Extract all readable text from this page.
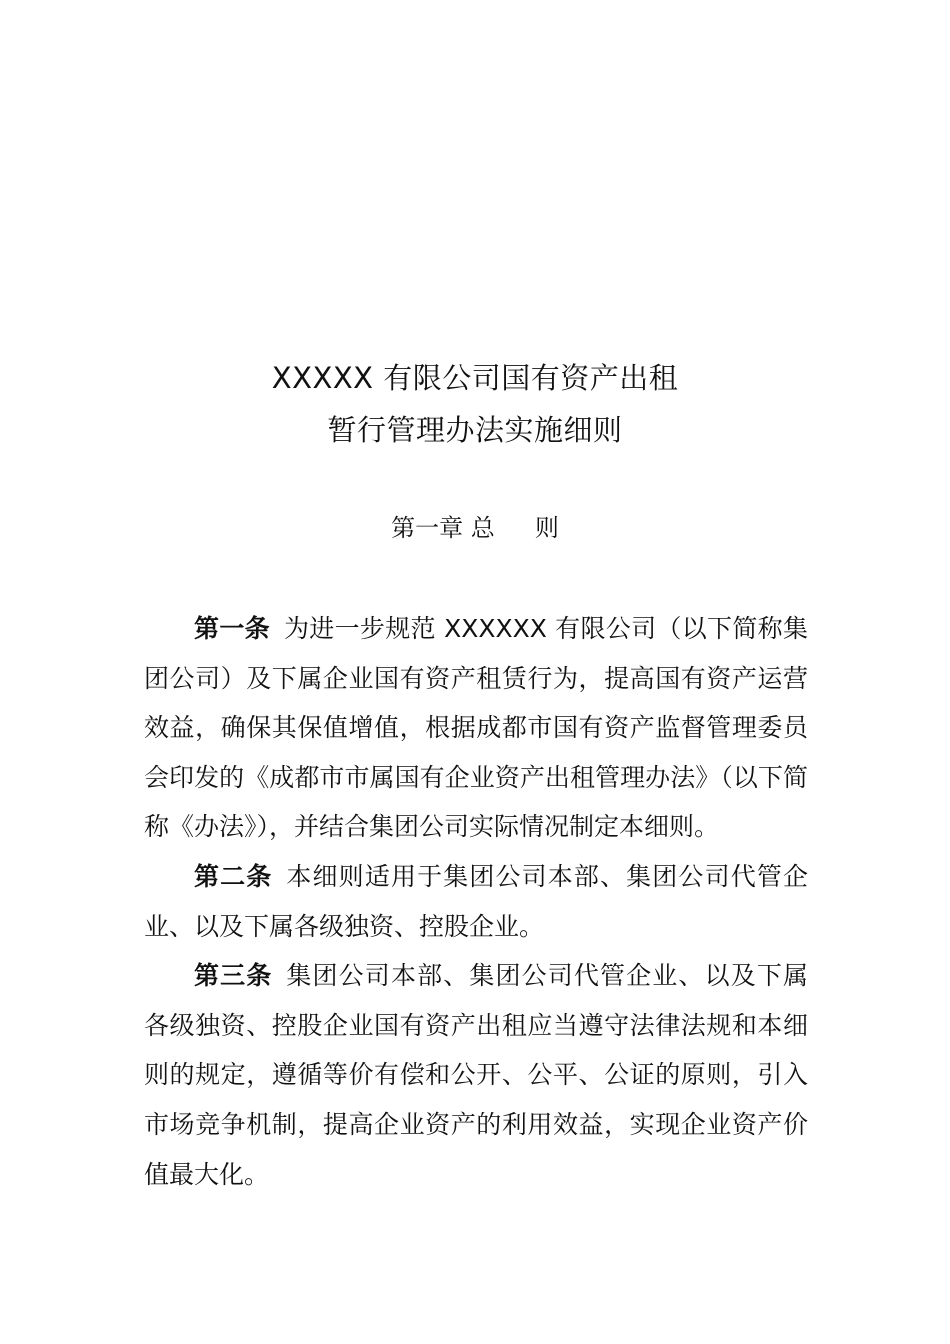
XXXXX 有限公司国有资产出租
暂行管理办法实施细则
第一章 总 则

第一条 为进一步规范 XXXXXX 有限公司（以下简称集团公司）及下属企业国有资产租赁行为，提高国有资产运营效益，确保其保值增值，根据成都市国有资产监督管理委员会印发的《成都市市属国有企业资产出租管理办法》（以下简称《办法》），并结合集团公司实际情况制定本细则。

第二条 本细则适用于集团公司本部、集团公司代管企业、以及下属各级独资、控股企业。

第三条 集团公司本部、集团公司代管企业、以及下属各级独资、控股企业国有资产出租应当遵守法律法规和本细则的规定，遵循等价有偿和公开、公平、公证的原则，引入市场竞争机制，提高企业资产的利用效益，实现企业资产价值最大化。
